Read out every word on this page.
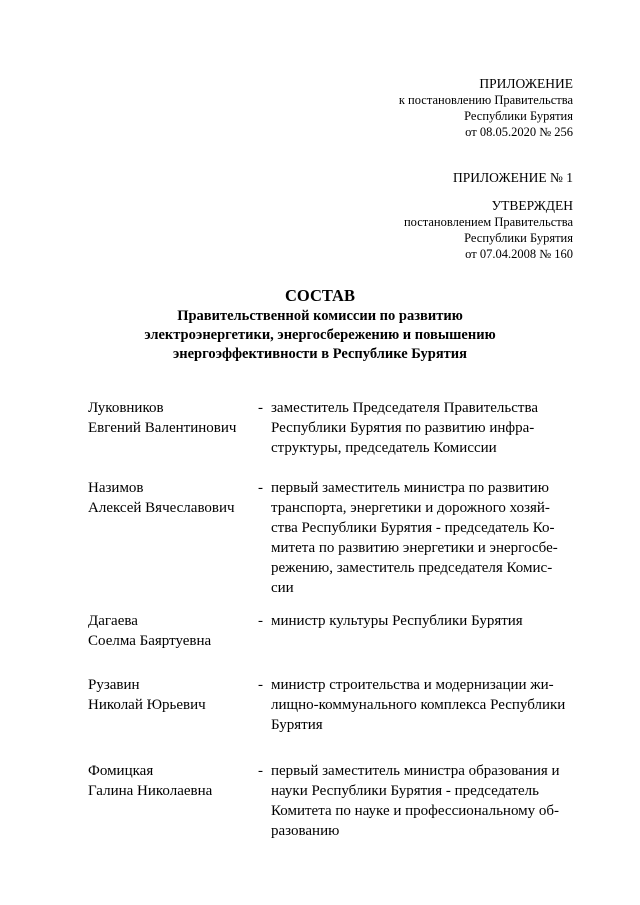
ПРИЛОЖЕНИЕ
к постановлению Правительства
Республики Бурятия
от 08.05.2020 № 256
ПРИЛОЖЕНИЕ № 1
УТВЕРЖДЕН
постановлением Правительства
Республики Бурятия
от 07.04.2008 № 160
СОСТАВ
Правительственной комиссии по развитию
электроэнергетики, энергосбережению и повышению
энергоэффективности в Республике Бурятия
Луковников
Евгений Валентинович
- заместитель Председателя Правительства
Республики Бурятия по развитию инфра-
структуры, председатель Комиссии
Назимов
Алексей Вячеславович
- первый заместитель министра по развитию
транспорта, энергетики и дорожного хозяй-
ства Республики Бурятия - председатель Ко-
митета по развитию энергетики и энергосбе-
режению, заместитель председателя Комис-
сии
Дагаева
Соелма Баяртуевна
- министр культуры Республики Бурятия
Рузавин
Николай Юрьевич
- министр строительства и модернизации жи-
лищно-коммунального комплекса Республики
Бурятия
Фомицкая
Галина Николаевна
- первый заместитель министра образования и
науки Республики Бурятия - председатель
Комитета по науке и профессиональному об-
разованию
